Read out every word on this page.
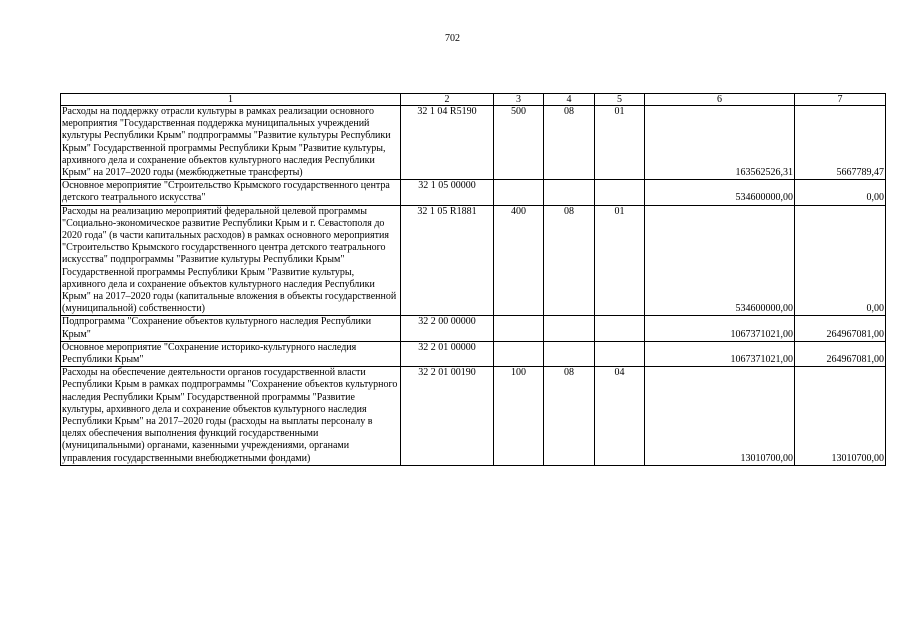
702
1	2	3	4	5	6	7
Расходы на поддержку отрасли культуры в рамках реализации основного мероприятия "Государственная поддержка муниципальных учреждений культуры Республики Крым" подпрограммы "Развитие культуры Республики Крым" Государственной программы Республики Крым "Развитие культуры, архивного дела и сохранение объектов культурного наследия Республики Крым" на 2017–2020 годы (межбюджетные трансферты)	32 1 04 R5190	500	08	01	163562526,31	5667789,47
Основное мероприятие "Строительство Крымского государственного центра детского театрального искусства"	32 1 05 00000				534600000,00	0,00
Расходы на реализацию мероприятий федеральной целевой программы "Социально-экономическое развитие Республики Крым и г. Севастополя до 2020 года" (в части капитальных расходов) в рамках основного мероприятия "Строительство Крымского государственного центра детского театрального искусства" подпрограммы "Развитие культуры Республики Крым" Государственной программы Республики Крым "Развитие культуры, архивного дела и сохранение объектов культурного наследия Республики Крым" на 2017–2020 годы (капитальные вложения в объекты государственной (муниципальной) собственности)	32 1 05 R1881	400	08	01	534600000,00	0,00
Подпрограмма "Сохранение объектов культурного наследия Республики Крым"	32 2 00 00000				1067371021,00	264967081,00
Основное мероприятие "Сохранение историко-культурного наследия Республики Крым"	32 2 01 00000				1067371021,00	264967081,00
Расходы на обеспечение деятельности органов государственной власти Республики Крым в рамках подпрограммы "Сохранение объектов культурного наследия Республики Крым" Государственной программы "Развитие культуры, архивного дела и сохранение объектов культурного наследия Республики Крым" на 2017–2020 годы (расходы на выплаты персоналу в целях обеспечения выполнения функций государственными (муниципальными) органами, казенными учреждениями, органами управления государственными внебюджетными фондами)	32 2 01 00190	100	08	04	13010700,00	13010700,00
